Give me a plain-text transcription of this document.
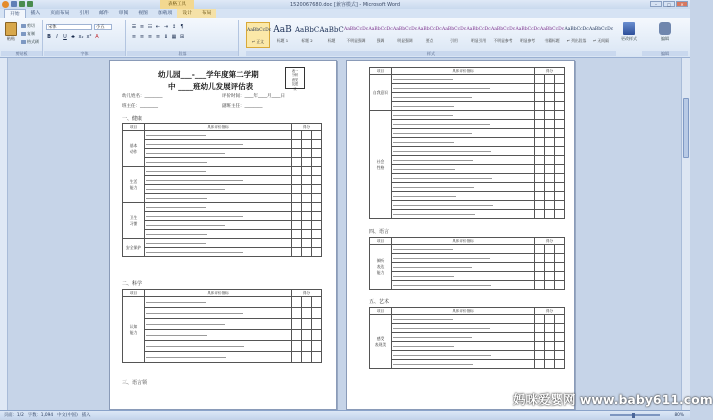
表格工具	1520067680.doc [兼容模式] - Microsoft Word	–	□	✕
开始	插入	页面布局	引用	邮件	审阅	视图	加载项	设计	布局
粘贴
剪切
复制
格式刷
剪贴板
宋体	小五
B	I	U a x₂ x² A
字体
☰ ≡ ☷ ⇤ ⇥ ↕ ¶
≡ ≡ ≡ ≡ ↨ ▦ ⊞
段落
AaBbCcDc
↵ 正文
AaB
标题 1
AaBbC
标题 2
AaBbC
标题
AaBbCcDc
不明显强调
AaBbCcDc
强调
AaBbCcDc
明显强调
AaBbCcDc
要点
AaBbCcDc
引用
AaBbCcDc
明显引用
AaBbCcDc
不明显参考
AaBbCcDc
明显参考
AaBbCcDc
书籍标题
AaBbCcDc
↵ 列出段落
AaBbCcDc
↵ 无间隔
样式
更改样式	编辑
编辑
幼儿园___-___学年度第二学期
中 ____班幼儿发展评估表
表一
分析
意见
及建
议
幼儿姓名：________	评价时间：____年____月____日
班主任：________	副班主任：________
一、健康
项目	具体评价指标	得分		
基本
动作				

生活
能力				

卫生
习惯				

安全保护				

二、科学
项目	具体评价指标	得分		
认知
能力				

三、语言领
项目	具体评价指标	得分		
自我意识				

社会
性格				

四、语言
项目	具体评价指标	得分		
倾听
表达
能力				

五、艺术
项目	具体评价指标	得分		
感受
表现美				

页面：1/2 字数：1,094 中文(中国) 插入	80%
妈咪爱婴网 www.baby611.com
